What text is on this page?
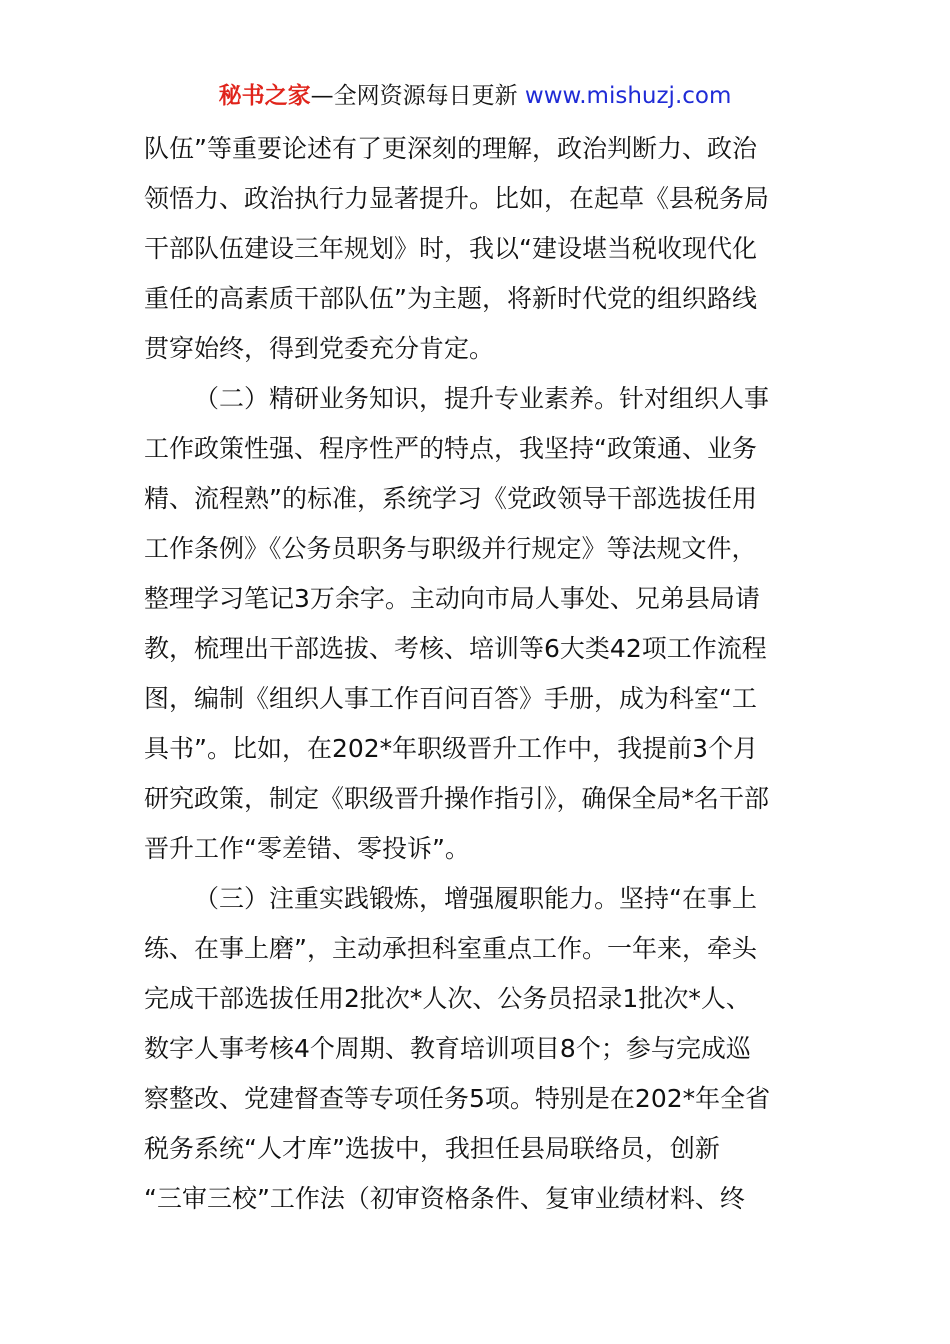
秘书之家—全网资源每日更新 www.mishuzj.com
队伍”等重要论述有了更深刻的理解，政治判断力、政治
领悟力、政治执行力显著提升。比如，在起草《县税务局
干部队伍建设三年规划》时，我以“建设堪当税收现代化
重任的高素质干部队伍”为主题，将新时代党的组织路线
贯穿始终，得到党委充分肯定。
（二）精研业务知识，提升专业素养。针对组织人事
工作政策性强、程序性严的特点，我坚持“政策通、业务
精、流程熟”的标准，系统学习《党政领导干部选拔任用
工作条例》《公务员职务与职级并行规定》等法规文件，
整理学习笔记3万余字。主动向市局人事处、兄弟县局请
教，梳理出干部选拔、考核、培训等6大类42项工作流程
图，编制《组织人事工作百问百答》手册，成为科室“工
具书”。比如，在202*年职级晋升工作中，我提前3个月
研究政策，制定《职级晋升操作指引》，确保全局*名干部
晋升工作“零差错、零投诉”。
（三）注重实践锻炼，增强履职能力。坚持“在事上
练、在事上磨”，主动承担科室重点工作。一年来，牵头
完成干部选拔任用2批次*人次、公务员招录1批次*人、
数字人事考核4个周期、教育培训项目8个；参与完成巡
察整改、党建督查等专项任务5项。特别是在202*年全省
税务系统“人才库”选拔中，我担任县局联络员，创新
“三审三校”工作法（初审资格条件、复审业绩材料、终
